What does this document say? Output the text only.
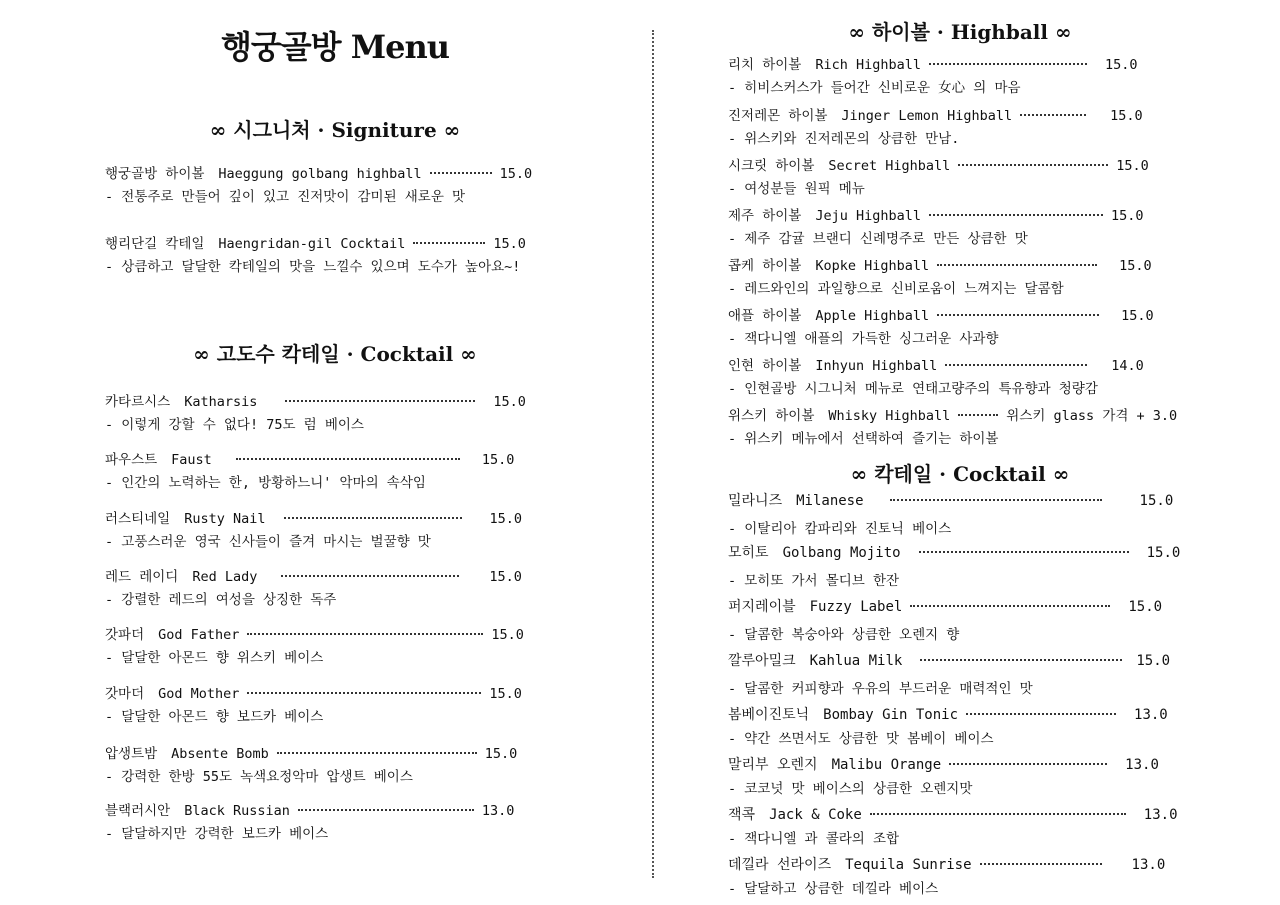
행궁골방 Menu
∞ 시그니처 · Signiture ∞
행궁골방 하이볼 Haeggung golbang highball	15.0
- 전통주로 만들어 깊이 있고 진저맛이 감미된 새로운 맛
행리단길 칵테일 Haengridan-gil Cocktail	15.0
- 상큼하고 달달한 칵테일의 맛을 느낄수 있으며 도수가 높아요~!
∞ 고도수 칵테일 · Cocktail ∞
카타르시스 Katharsis	15.0
- 이렇게 강할 수 없다! 75도 럼 베이스
파우스트 Faust	15.0
- 인간의 노력하는 한, 방황하느니' 악마의 속삭임
러스티네일 Rusty Nail	15.0
- 고풍스러운 영국 신사들이 즐겨 마시는 벌꿀향 맛
레드 레이디 Red Lady	15.0
- 강렬한 레드의 여성을 상징한 독주
갓파더 God Father	15.0
- 달달한 아몬드 향 위스키 베이스
갓마더 God Mother	15.0
- 달달한 아몬드 향 보드카 베이스
압생트밤 Absente Bomb	15.0
- 강력한 한방 55도 녹색요정악마 압생트 베이스
블랙러시안 Black Russian	13.0
- 달달하지만 강력한 보드카 베이스
∞ 하이볼 · Highball ∞
리치 하이볼 Rich Highball	15.0
- 히비스커스가 들어간 신비로운 女心 의 마음
진저레몬 하이볼 Jinger Lemon Highball	15.0
- 위스키와 진저레몬의 상큼한 만남.
시크릿 하이볼 Secret Highball	15.0
- 여성분들 원픽 메뉴
제주 하이볼 Jeju Highball	15.0
- 제주 감귤 브랜디 신례명주로 만든 상큼한 맛
콥케 하이볼 Kopke Highball	15.0
- 레드와인의 과일향으로 신비로움이 느껴지는 달콤함
애플 하이볼 Apple Highball	15.0
- 잭다니엘 애플의 가득한 싱그러운 사과향
인현 하이볼 Inhyun Highball	14.0
- 인현골방 시그니처 메뉴로 연태고량주의 특유향과 청량감
위스키 하이볼 Whisky Highball	위스키 glass 가격 + 3.0
- 위스키 메뉴에서 선택하여 즐기는 하이볼
∞ 칵테일 · Cocktail ∞
밀라니즈 Milanese	15.0
- 이탈리아 캄파리와 진토닉 베이스
모히토 Golbang Mojito	15.0
- 모히또 가서 몰디브 한잔
퍼지레이블 Fuzzy Label	15.0
- 달콤한 복숭아와 상큼한 오렌지 향
깔루아밀크 Kahlua Milk	15.0
- 달콤한 커피향과 우유의 부드러운 매력적인 맛
봄베이진토닉 Bombay Gin Tonic	13.0
- 약간 쓰면서도 상큼한 맛 봄베이 베이스
말리부 오렌지 Malibu Orange	13.0
- 코코넛 맛 베이스의 상큼한 오렌지맛
잭콕 Jack & Coke	13.0
- 잭다니엘 과 콜라의 조합
데낄라 선라이즈 Tequila Sunrise	13.0
- 달달하고 상큼한 데낄라 베이스
